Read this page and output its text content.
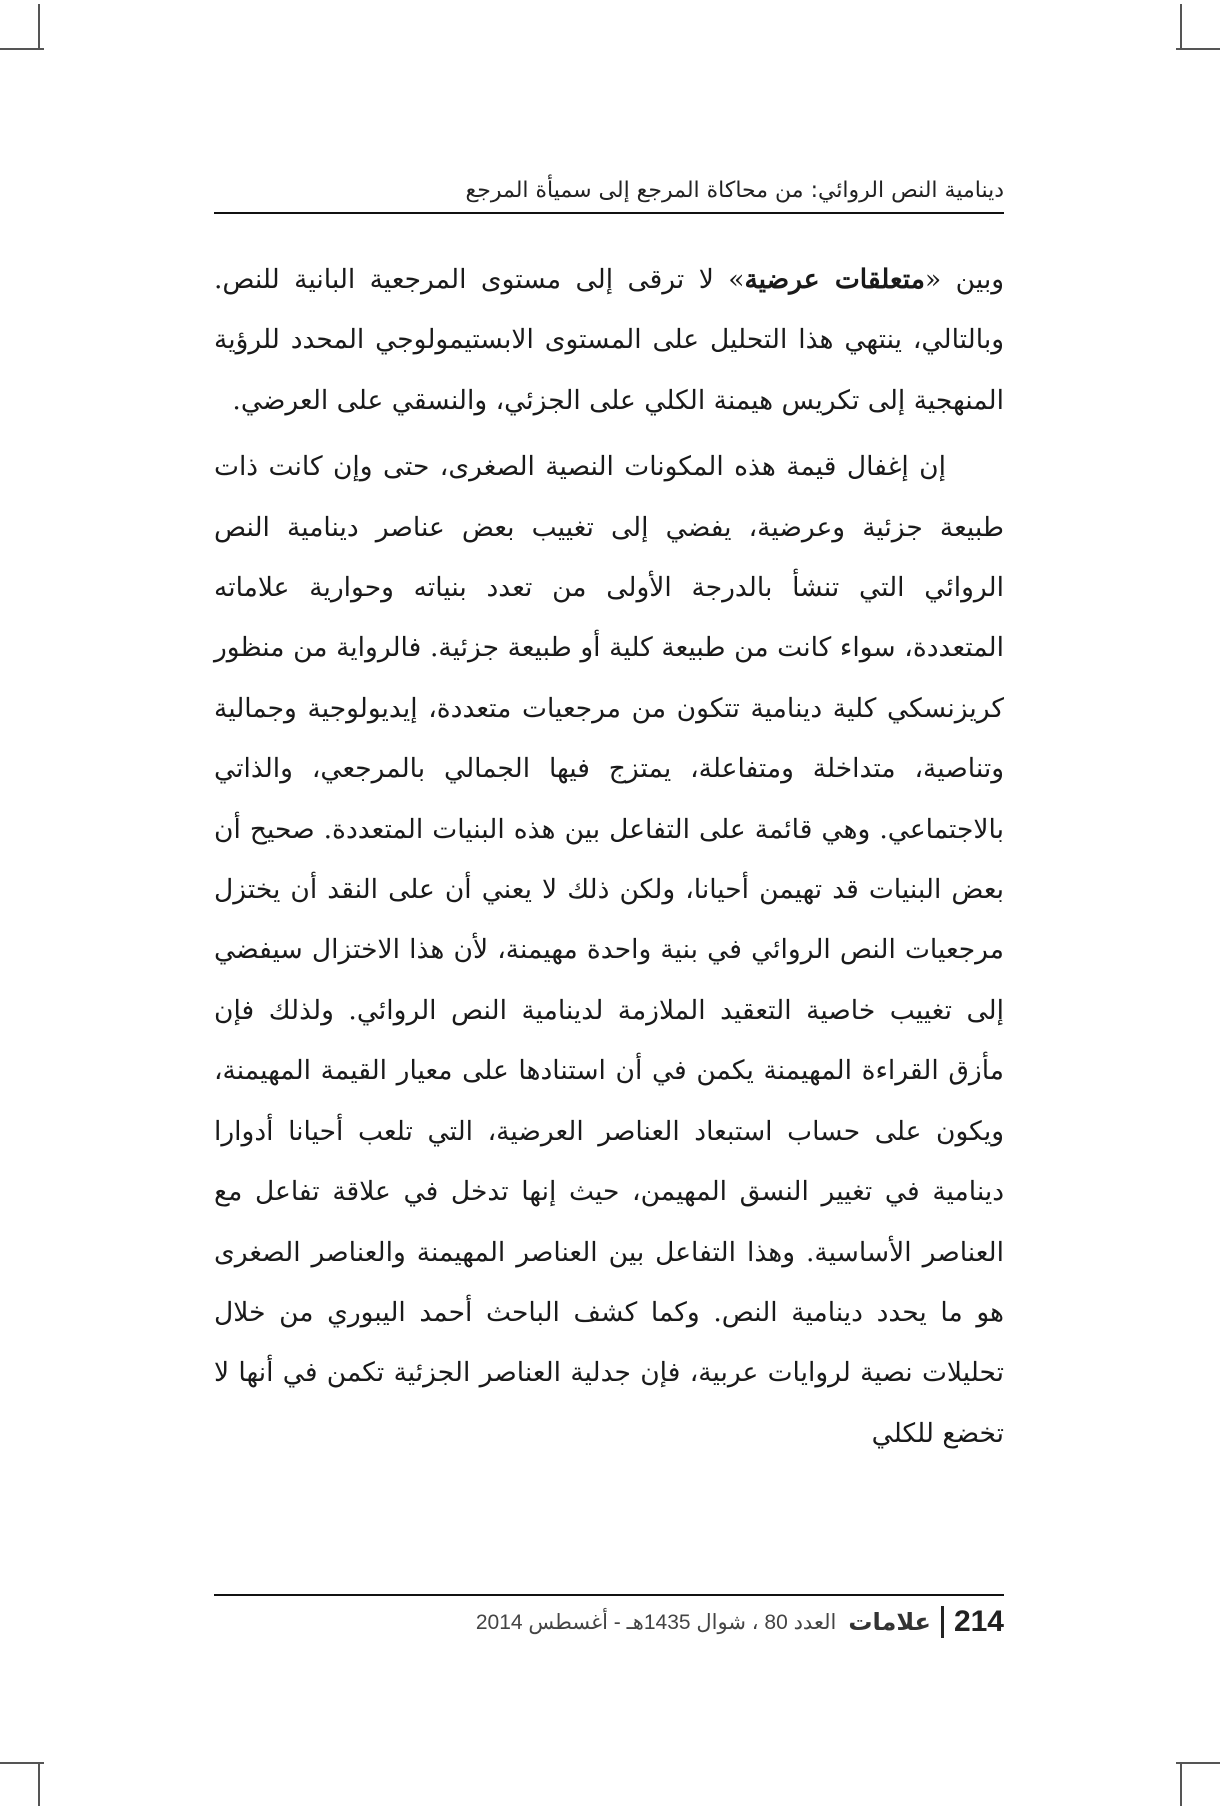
دينامية النص الروائي: من محاكاة المرجع إلى سميأة المرجع

وبين «متعلقات عرضية» لا ترقى إلى مستوى المرجعية البانية للنص. وبالتالي، ينتهي هذا التحليل على المستوى الابستيمولوجي المحدد للرؤية المنهجية إلى تكريس هيمنة الكلي على الجزئي، والنسقي على العرضي.

إن إغفال قيمة هذه المكونات النصية الصغرى، حتى وإن كانت ذات طبيعة جزئية وعرضية، يفضي إلى تغييب بعض عناصر دينامية النص الروائي التي تنشأ بالدرجة الأولى من تعدد بنياته وحوارية علاماته المتعددة، سواء كانت من طبيعة كلية أو طبيعة جزئية. فالرواية من منظور كريزنسكي كلية دينامية تتكون من مرجعيات متعددة، إيديولوجية وجمالية وتناصية، متداخلة ومتفاعلة، يمتزج فيها الجمالي بالمرجعي، والذاتي بالاجتماعي. وهي قائمة على التفاعل بين هذه البنيات المتعددة. صحيح أن بعض البنيات قد تهيمن أحيانا، ولكن ذلك لا يعني أن على النقد أن يختزل مرجعيات النص الروائي في بنية واحدة مهيمنة، لأن هذا الاختزال سيفضي إلى تغييب خاصية التعقيد الملازمة لدينامية النص الروائي. ولذلك فإن مأزق القراءة المهيمنة يكمن في أن استنادها على معيار القيمة المهيمنة، ويكون على حساب استبعاد العناصر العرضية، التي تلعب أحيانا أدوارا دينامية في تغيير النسق المهيمن، حيث إنها تدخل في علاقة تفاعل مع العناصر الأساسية. وهذا التفاعل بين العناصر المهيمنة والعناصر الصغرى هو ما يحدد دينامية النص. وكما كشف الباحث أحمد اليبوري من خلال تحليلات نصية لروايات عربية، فإن جدلية العناصر الجزئية تكمن في أنها لا تخضع للكلي

214
علامات
العدد 80 ، شوال 1435هـ - أغسطس 2014
